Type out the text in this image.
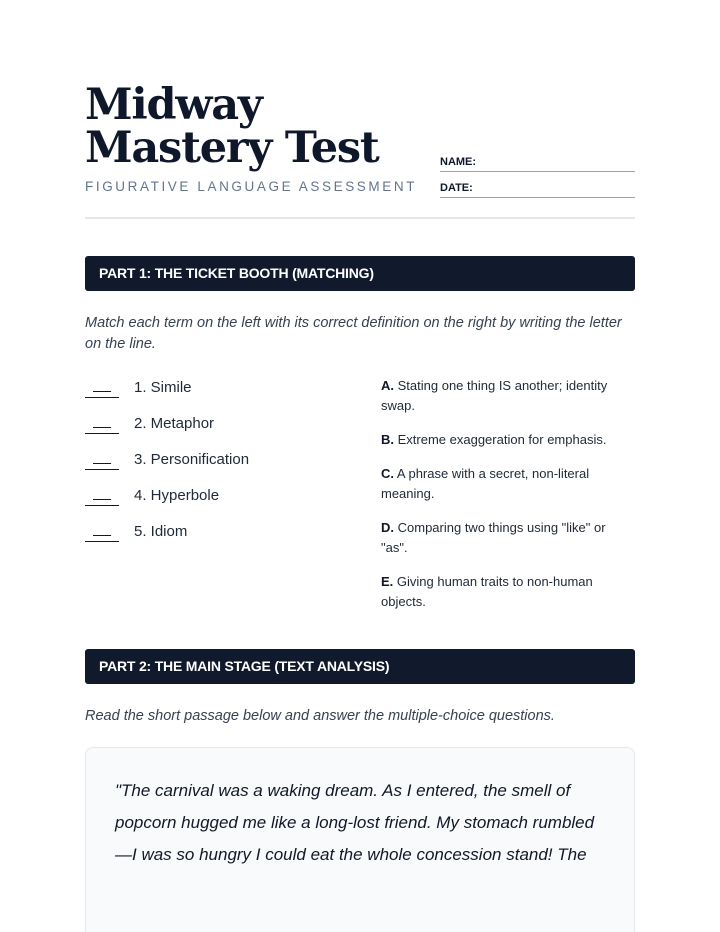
Midway Mastery Test

FIGURATIVE LANGUAGE ASSESSMENT

NAME:
DATE:
PART 1: THE TICKET BOOTH (MATCHING)

Match each term on the left with its correct definition on the right by writing the letter on the line.

1. Simile
2. Metaphor
3. Personification
4. Hyperbole
5. Idiom
A. Stating one thing IS another; identity swap.
B. Extreme exaggeration for emphasis.
C. A phrase with a secret, non-literal meaning.
D. Comparing two things using "like" or "as".
E. Giving human traits to non-human objects.
PART 2: THE MAIN STAGE (TEXT ANALYSIS)

Read the short passage below and answer the multiple-choice questions.

"The carnival was a waking dream. As I entered, the smell of popcorn hugged me like a long-lost friend. My stomach rumbled—I was so hungry I could eat the whole concession stand! The
